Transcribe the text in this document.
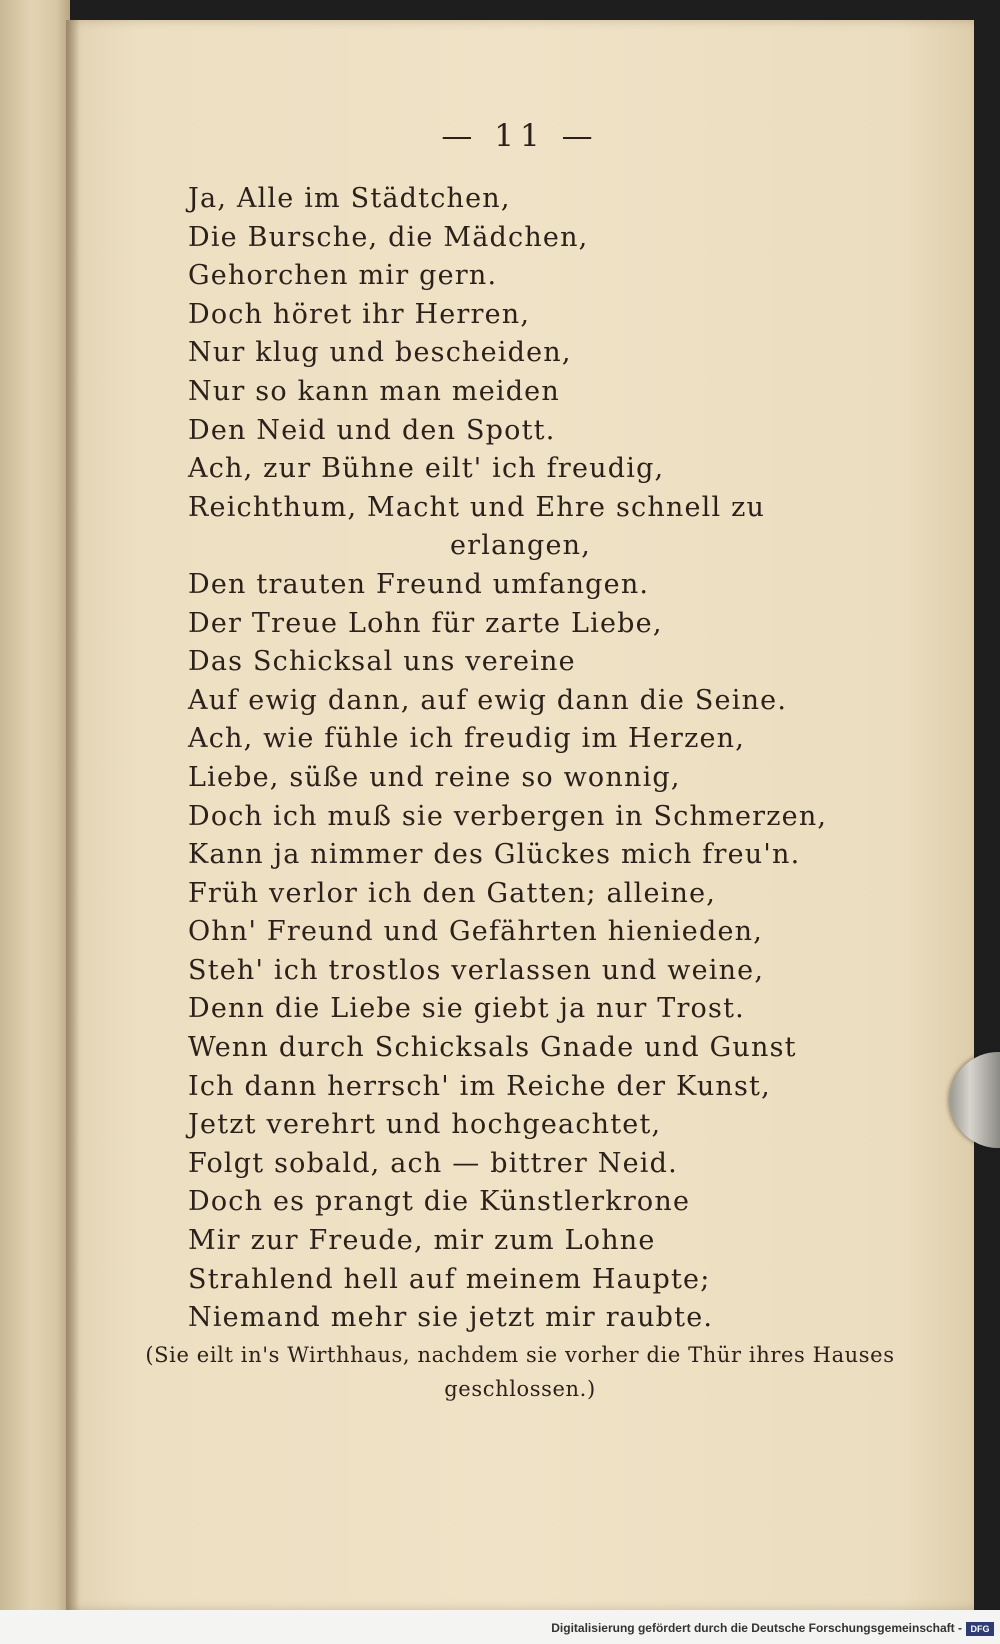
— 11 —
Ja, Alle im Städtchen,
Die Bursche, die Mädchen,
Gehorchen mir gern.
Doch höret ihr Herren,
Nur klug und bescheiden,
Nur so kann man meiden
Den Neid und den Spott.
Ach, zur Bühne eilt' ich freudig,
Reichthum, Macht und Ehre schnell zu
erlangen,
Den trauten Freund umfangen.
Der Treue Lohn für zarte Liebe,
Das Schicksal uns vereine
Auf ewig dann, auf ewig dann die Seine.
Ach, wie fühle ich freudig im Herzen,
Liebe, süße und reine so wonnig,
Doch ich muß sie verbergen in Schmerzen,
Kann ja nimmer des Glückes mich freu'n.
Früh verlor ich den Gatten; alleine,
Ohn' Freund und Gefährten hienieden,
Steh' ich trostlos verlassen und weine,
Denn die Liebe sie giebt ja nur Trost.
Wenn durch Schicksals Gnade und Gunst
Ich dann herrsch' im Reiche der Kunst,
Jetzt verehrt und hochgeachtet,
Folgt sobald, ach — bittrer Neid.
Doch es prangt die Künstlerkrone
Mir zur Freude, mir zum Lohne
Strahlend hell auf meinem Haupte;
Niemand mehr sie jetzt mir raubte.
(Sie eilt in's Wirthhaus, nachdem sie vorher die Thür ihres Hauses
geschlossen.)
Digitalisierung gefördert durch die Deutsche Forschungsgemeinschaft - DFG
